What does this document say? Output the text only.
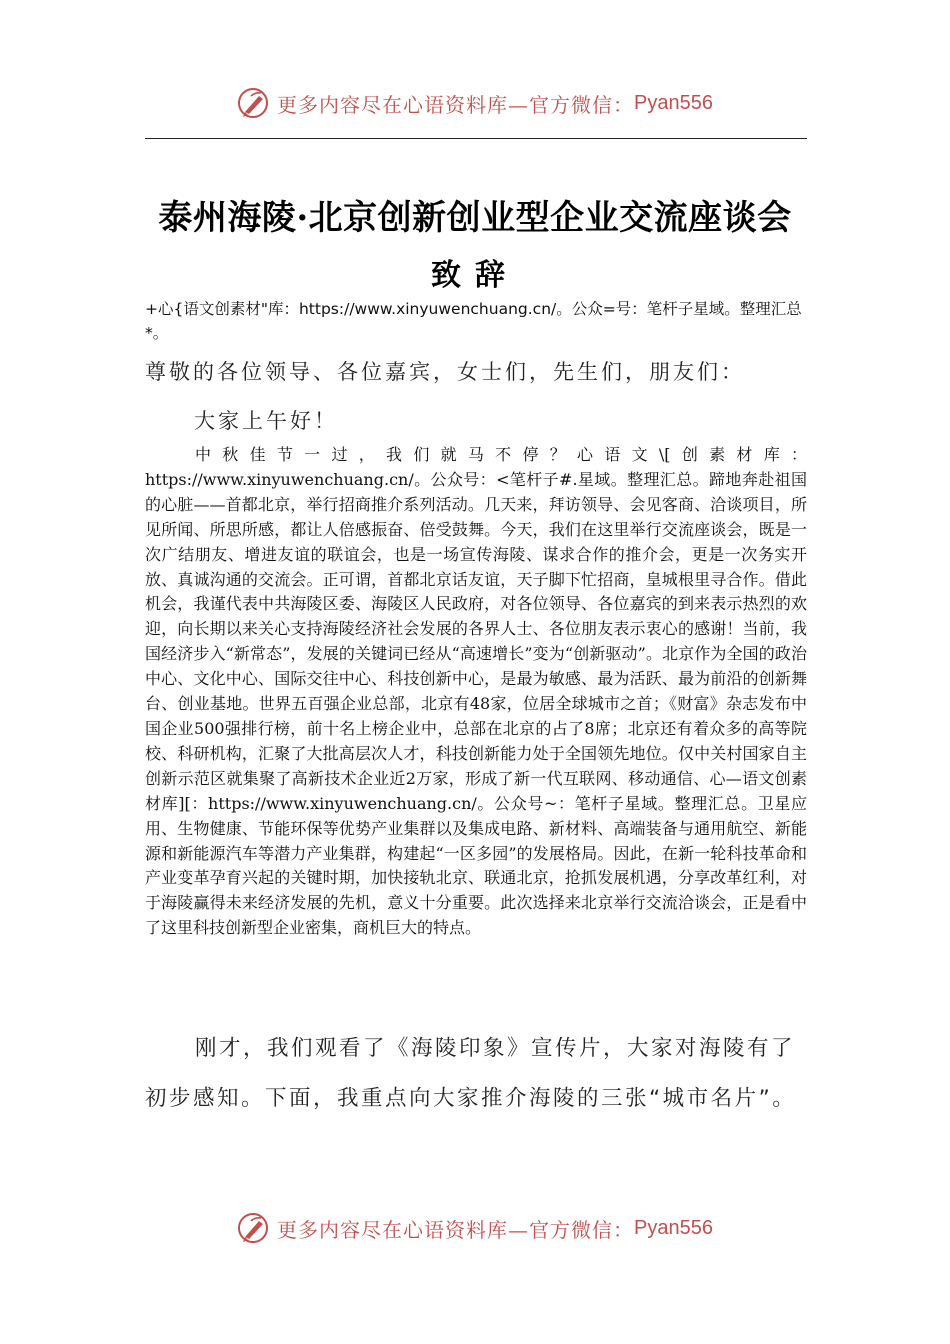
更多内容尽在心语资料库—官方微信： Pyan556
泰州海陵·北京创新创业型企业交流座谈会
致辞
+心{语文创素材"库：https://www.xinyuwenchuang.cn/。公众=号：笔杆子星域。整理汇总*。
尊敬的各位领导、各位嘉宾，女士们，先生们，朋友们：
大家上午好！
中秋佳节一过，我们就马不停？心语文\[创素材库：https://www.xinyuwenchuang.cn/。公众号：<笔杆子#.星域。整理汇总。蹄地奔赴祖国的心脏——首都北京，举行招商推介系列活动。几天来，拜访领导、会见客商、洽谈项目，所见所闻、所思所感，都让人倍感振奋、倍受鼓舞。今天，我们在这里举行交流座谈会，既是一次广结朋友、增进友谊的联谊会，也是一场宣传海陵、谋求合作的推介会，更是一次务实开放、真诚沟通的交流会。正可谓，首都北京话友谊，天子脚下忙招商，皇城根里寻合作。借此机会，我谨代表中共海陵区委、海陵区人民政府，对各位领导、各位嘉宾的到来表示热烈的欢迎，向长期以来关心支持海陵经济社会发展的各界人士、各位朋友表示衷心的感谢！当前，我国经济步入“新常态”，发展的关键词已经从“高速增长”变为“创新驱动”。北京作为全国的政治中心、文化中心、国际交往中心、科技创新中心，是最为敏感、最为活跃、最为前沿的创新舞台、创业基地。世界五百强企业总部，北京有48家，位居全球城市之首；《财富》杂志发布中国企业500强排行榜，前十名上榜企业中，总部在北京的占了8席；北京还有着众多的高等院校、科研机构，汇聚了大批高层次人才，科技创新能力处于全国领先地位。仅中关村国家自主创新示范区就集聚了高新技术企业近2万家，形成了新一代互联网、移动通信、心—语文创素材库][：https://www.xinyuwenchuang.cn/。公众号~：笔杆子星域。整理汇总。卫星应用、生物健康、节能环保等优势产业集群以及集成电路、新材料、高端装备与通用航空、新能源和新能源汽车等潜力产业集群，构建起“一区多园”的发展格局。因此，在新一轮科技革命和产业变革孕育兴起的关键时期，加快接轨北京、联通北京，抢抓发展机遇，分享改革红利，对于海陵赢得未来经济发展的先机，意义十分重要。此次选择来北京举行交流洽谈会，正是看中了这里科技创新型企业密集，商机巨大的特点。
刚才，我们观看了《海陵印象》宣传片，大家对海陵有了初步感知。下面，我重点向大家推介海陵的三张“城市名片”。
更多内容尽在心语资料库—官方微信： Pyan556
